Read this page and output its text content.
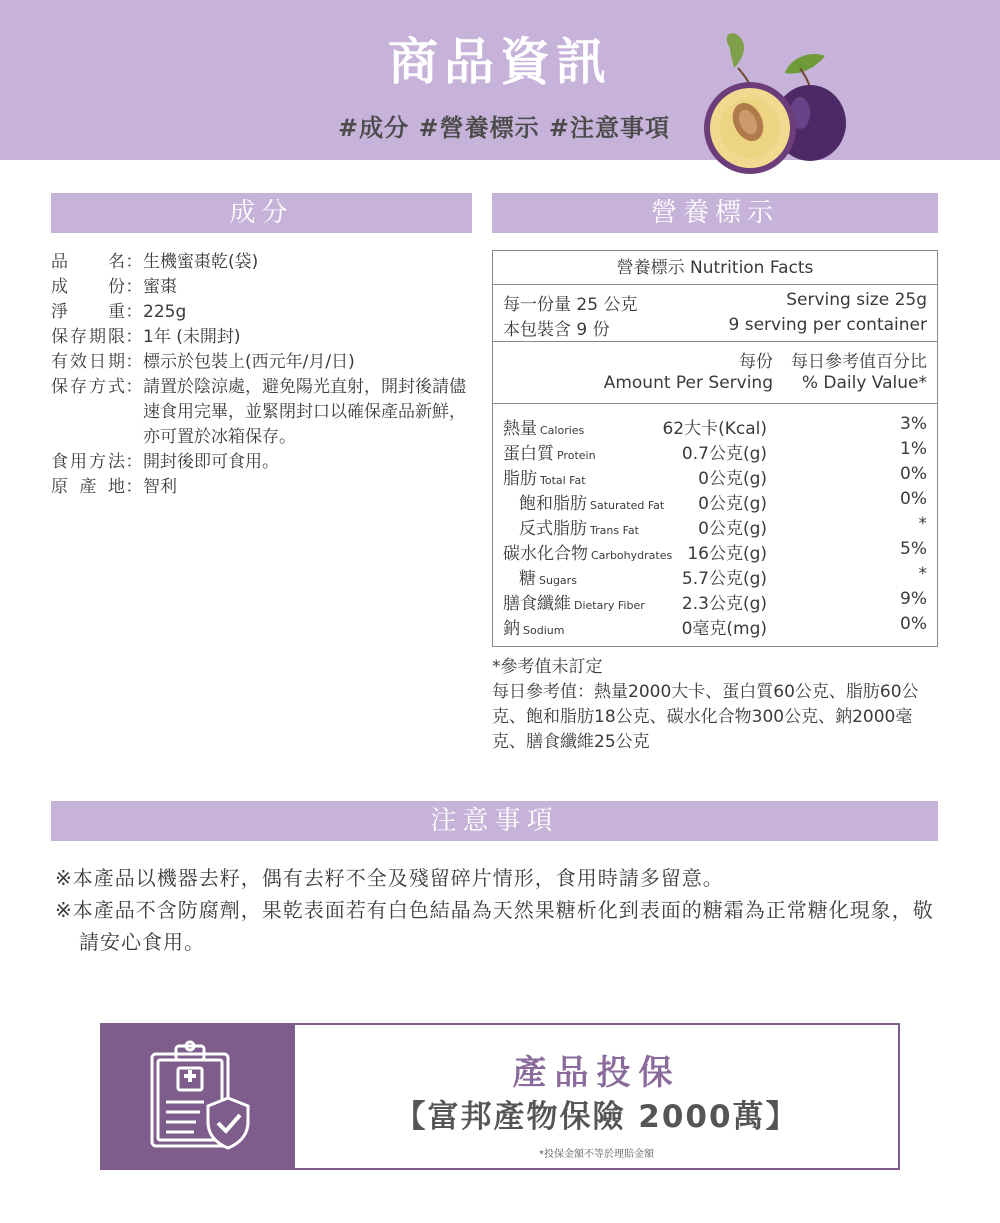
商品資訊
#成分 #營養標示 #注意事項
成分	營養標示
品名 ： 生機蜜棗乾(袋)
成份 ： 蜜棗
淨重 ： 225g
保存期限 ： 1年 (未開封)
有效日期 ： 標示於包裝上(西元年/月/日)
保存方式 ： 請置於陰涼處，避免陽光直射，開封後請儘速食用完畢，並緊閉封口以確保產品新鮮，亦可置於冰箱保存。
食用方法 ： 開封後即可食用。
原產地 ： 智利
營養標示 Nutrition Facts
每一份量 25 公克	Serving size 25g
本包裝含 9 份	9 serving per container
每份 每日參考值百分比
Amount Per Serving % Daily Value*
熱量 Calories	62大卡(Kcal)	3%
蛋白質 Protein	0.7公克(g)	1%
脂肪 Total Fat	0公克(g)	0%
飽和脂肪 Saturated Fat 0公克(g)	0%
反式脂肪 Trans Fat	0公克(g)	*
碳水化合物 Carbohydrates 16公克(g)	5%
糖 Sugars	5.7公克(g)	*
膳食纖維 Dietary Fiber 2.3公克(g)	9%
鈉 Sodium	0毫克(mg)	0%
*參考值未訂定
每日參考值：熱量2000大卡、蛋白質60公克、脂肪60公克、飽和脂肪18公克、碳水化合物300公克、鈉2000毫克、膳食纖維25公克
注意事項

※本產品以機器去籽，偶有去籽不全及殘留碎片情形，食用時請多留意。

※本產品不含防腐劑，果乾表面若有白色結晶為天然果糖析化到表面的糖霜為正常糖化現象，敬請安心食用。

產品投保
【富邦產物保險 2000萬】
*投保金額不等於理賠金額
